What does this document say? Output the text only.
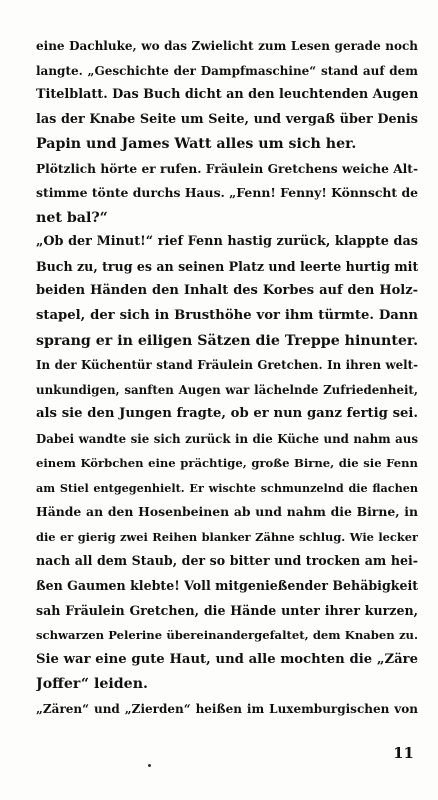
eine Dachluke, wo das Zwielicht zum Lesen gerade noch
langte. „Geschichte der Dampfmaschine“ stand auf dem
Titelblatt. Das Buch dicht an den leuchtenden Augen
las der Knabe Seite um Seite, und vergaß über Denis
Papin und James Watt alles um sich her.
Plötzlich hörte er rufen. Fräulein Gretchens weiche Alt-
stimme tönte durchs Haus. „Fenn! Fenny! Könnscht de
net bal?“
„Ob der Minut!“ rief Fenn hastig zurück, klappte das
Buch zu, trug es an seinen Platz und leerte hurtig mit
beiden Händen den Inhalt des Korbes auf den Holz-
stapel, der sich in Brusthöhe vor ihm türmte. Dann
sprang er in eiligen Sätzen die Treppe hinunter.
In der Küchentür stand Fräulein Gretchen. In ihren welt-
unkundigen, sanften Augen war lächelnde Zufriedenheit,
als sie den Jungen fragte, ob er nun ganz fertig sei.
Dabei wandte sie sich zurück in die Küche und nahm aus
einem Körbchen eine prächtige, große Birne, die sie Fenn
am Stiel entgegenhielt. Er wischte schmunzelnd die flachen
Hände an den Hosenbeinen ab und nahm die Birne, in
die er gierig zwei Reihen blanker Zähne schlug. Wie lecker
nach all dem Staub, der so bitter und trocken am hei-
ßen Gaumen klebte! Voll mitgenießender Behäbigkeit
sah Fräulein Gretchen, die Hände unter ihrer kurzen,
schwarzen Pelerine übereinandergefaltet, dem Knaben zu.
Sie war eine gute Haut, und alle mochten die „Zäre
Joffer“ leiden.
„Zären“ und „Zierden“ heißen im Luxemburgischen von
11
